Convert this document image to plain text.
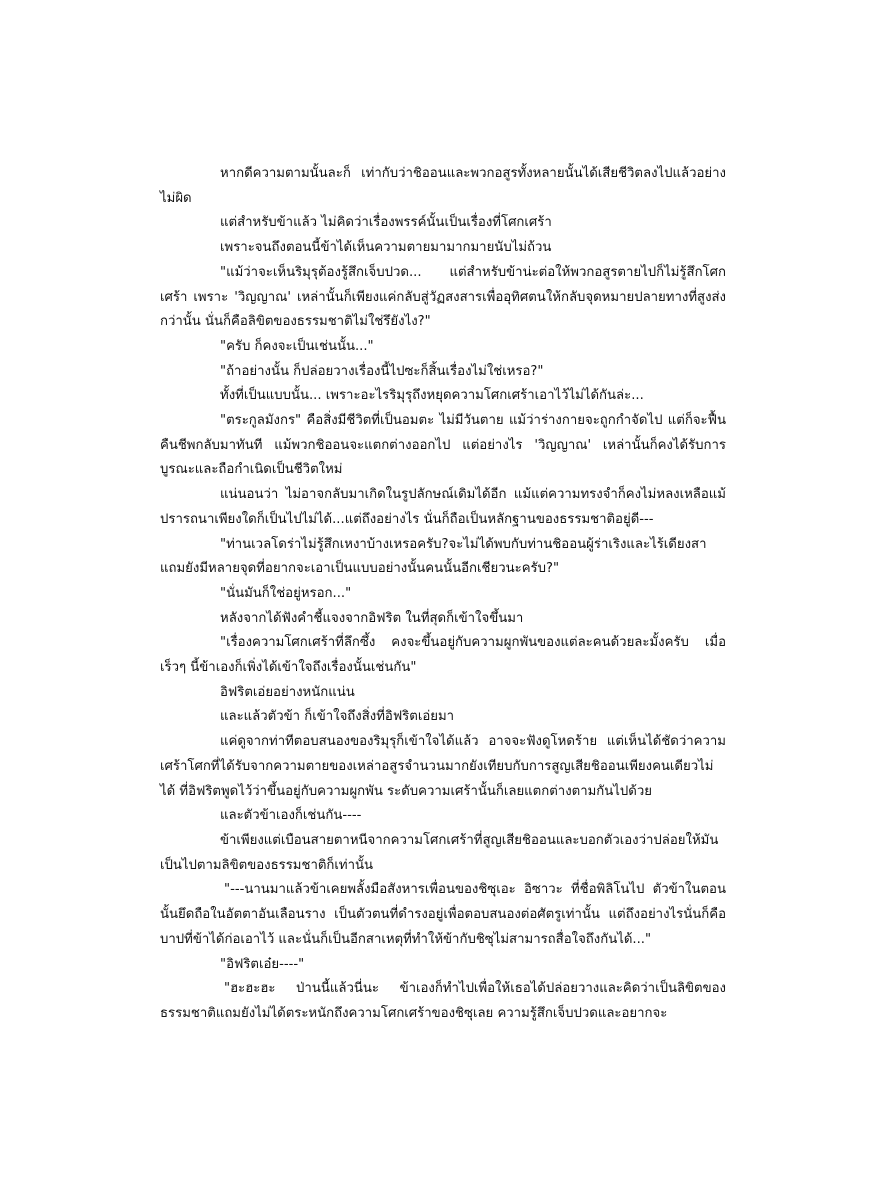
หากดีความตามนั้นละก็ เท่ากับว่าชิออนและพวกอสูรทั้งหลายนั้นได้เสียชีวิตลงไปแล้วอย่างไม่ผิด

แต่สำหรับข้าแล้ว ไม่คิดว่าเรื่องพรรค์นั้นเป็นเรื่องที่โศกเศร้า

เพราะจนถึงตอนนี้ข้าได้เห็นความตายมามากมายนับไม่ถ้วน

"แม้ว่าจะเห็นริมุรุต้องรู้สึกเจ็บปวด... แต่สำหรับข้าน่ะต่อให้พวกอสูรตายไปก็ไม่รู้สึกโศกเศร้า เพราะ 'วิญญาณ' เหล่านั้นก็เพียงแค่กลับสู่วัฏสงสารเพื่ออุทิศตนให้กลับจุดหมายปลายทางที่สูงส่งกว่านั้น นั่นก็คือลิขิตของธรรมชาติไม่ใช่รึยังไง?"

"ครับ ก็คงจะเป็นเช่นนั้น..."

"ถ้าอย่างนั้น ก็ปล่อยวางเรื่องนี้ไปซะก็สิ้นเรื่องไม่ใช่เหรอ?"

ทั้งที่เป็นแบบนั้น... เพราะอะไรริมุรุถึงหยุดความโศกเศร้าเอาไว้ไม่ได้กันล่ะ...

"ตระกูลมังกร" คือสิ่งมีชีวิตที่เป็นอมตะ ไม่มีวันตาย แม้ว่าร่างกายจะถูกกำจัดไป แต่ก็จะฟื้นคืนชีพกลับมาทันที แม้พวกชิออนจะแตกต่างออกไป แต่อย่างไร 'วิญญาณ' เหล่านั้นก็คงได้รับการบูรณะและถือกำเนิดเป็นชีวิตใหม่

แน่นอนว่า ไม่อาจกลับมาเกิดในรูปลักษณ์เดิมได้อีก แม้แต่ความทรงจำก็คงไม่หลงเหลือแม้ปรารถนาเพียงใดก็เป็นไปไม่ได้...แต่ถึงอย่างไร นั่นก็ถือเป็นหลักฐานของธรรมชาติอยู่ดี---

"ท่านเวลโดร่าไม่รู้สึกเหงาบ้างเหรอครับ?จะไม่ได้พบกับท่านชิออนผู้ร่าเริงและไร้เดียงสาแถมยังมีหลายจุดที่อยากจะเอาเป็นแบบอย่างนั้นคนนั้นอีกเชียวนะครับ?"

"นั่นมันก็ใช่อยู่หรอก..."

หลังจากได้ฟังคำชี้แจงจากอิฟริต ในที่สุดก็เข้าใจขึ้นมา

"เรื่องความโศกเศร้าที่ลึกซึ้ง คงจะขึ้นอยู่กับความผูกพันของแต่ละคนด้วยละมั้งครับ เมื่อเร็วๆ นี้ข้าเองก็เพิ่งได้เข้าใจถึงเรื่องนั้นเช่นกัน"

อิฟริตเอ่ยอย่างหนักแน่น

และแล้วตัวข้า ก็เข้าใจถึงสิ่งที่อิฟริตเอ่ยมา

แค่ดูจากท่าทีตอบสนองของริมุรุก็เข้าใจได้แล้ว อาจจะฟังดูโหดร้าย แต่เห็นได้ชัดว่าความเศร้าโศกที่ได้รับจากความตายของเหล่าอสูรจำนวนมากยังเทียบกับการสูญเสียชิออนเพียงคนเดียวไม่ได้ ที่อิฟริตพูดไว้ว่าขึ้นอยู่กับความผูกพัน ระดับความเศร้านั้นก็เลยแตกต่างตามกันไปด้วย

และตัวข้าเองก็เช่นกัน----

ข้าเพียงแต่เบือนสายตาหนีจากความโศกเศร้าที่สูญเสียชิออนและบอกตัวเองว่าปล่อยให้มันเป็นไปตามลิขิตของธรรมชาติก็เท่านั้น

"---นานมาแล้วข้าเคยพลั้งมือสังหารเพื่อนของชิซุเอะ อิซาวะ ที่ชื่อพิลิโนไป ตัวข้าในตอนนั้นยึดถือในอัตตาอันเลือนราง เป็นตัวตนที่ดำรงอยู่เพื่อตอบสนองต่อศัตรูเท่านั้น แต่ถึงอย่างไรนั่นก็คือบาปที่ข้าได้ก่อเอาไว้ และนั่นก็เป็นอีกสาเหตุที่ทำให้ข้ากับชิซุไม่สามารถสื่อใจถึงกันได้..."

"อิฟริตเอ๋ย----"

"ฮะฮะฮะ ป่านนี้แล้วนี่นะ ข้าเองก็ทำไปเพื่อให้เธอได้ปล่อยวางและคิดว่าเป็นลิขิตของธรรมชาติแถมยังไม่ได้ตระหนักถึงความโศกเศร้าของชิซุเลย ความรู้สึกเจ็บปวดและอยากจะ
